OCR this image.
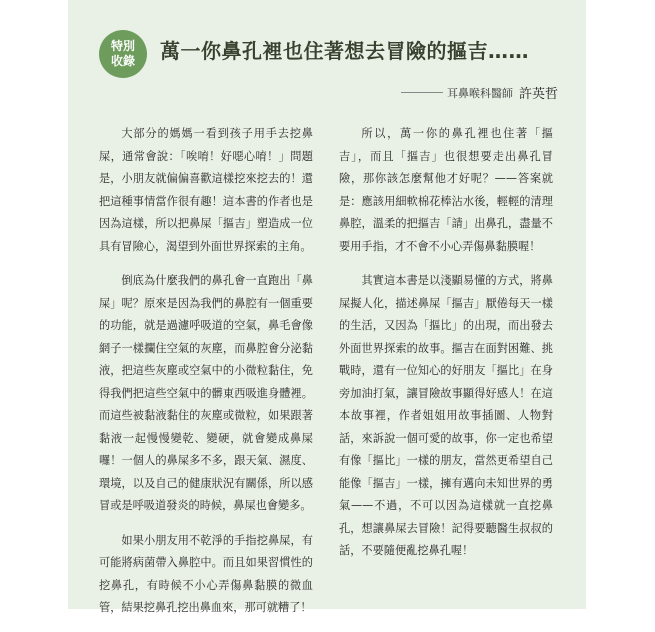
特別
收錄 萬一你鼻孔裡也住著想去冒險的摳吉……
耳鼻喉科醫師 許英哲

大部分的媽媽一看到孩子用手去挖鼻屎，通常會說：「唉唷！好噁心唷！」問題是，小朋友就偏偏喜歡這樣挖來挖去的！還把這種事情當作很有趣！這本書的作者也是因為這樣，所以把鼻屎「摳吉」塑造成一位具有冒險心，渴望到外面世界探索的主角。

倒底為什麼我們的鼻孔會一直跑出「鼻屎」呢？原來是因為我們的鼻腔有一個重要的功能，就是過濾呼吸道的空氣，鼻毛會像網子一樣攔住空氣的灰塵，而鼻腔會分泌黏液，把這些灰塵或空氣中的小微粒黏住，免得我們把這些空氣中的髒東西吸進身體裡。而這些被黏液黏住的灰塵或微粒，如果跟著黏液一起慢慢變乾、變硬，就會變成鼻屎囉！一個人的鼻屎多不多，跟天氣、濕度、環境，以及自己的健康狀況有關係，所以感冒或是呼吸道發炎的時候，鼻屎也會變多。

如果小朋友用不乾淨的手指挖鼻屎，有可能將病菌帶入鼻腔中。而且如果習慣性的挖鼻孔，有時候不小心弄傷鼻黏膜的微血管，結果挖鼻孔挖出鼻血來，那可就糟了！

所以，萬一你的鼻孔裡也住著「摳吉」，而且「摳吉」也很想要走出鼻孔冒險，那你該怎麼幫他才好呢？——答案就是：應該用細軟棉花棒沾水後，輕輕的清理鼻腔，溫柔的把摳吉「請」出鼻孔，盡量不要用手指，才不會不小心弄傷鼻黏膜喔！

其實這本書是以淺顯易懂的方式，將鼻屎擬人化，描述鼻屎「摳吉」厭倦每天一樣的生活，又因為「摳比」的出現，而出發去外面世界探索的故事。摳吉在面對困難、挑戰時，還有一位知心的好朋友「摳比」在身旁加油打氣，讓冒險故事顯得好感人！在這本故事裡，作者姐姐用故事插圖、人物對話，來訴說一個可愛的故事，你一定也希望有像「摳比」一樣的朋友，當然更希望自己能像「摳吉」一樣，擁有邁向未知世界的勇氣——不過，不可以因為這樣就一直挖鼻孔，想讓鼻屎去冒險！記得要聽醫生叔叔的話，不要隨便亂挖鼻孔喔！
